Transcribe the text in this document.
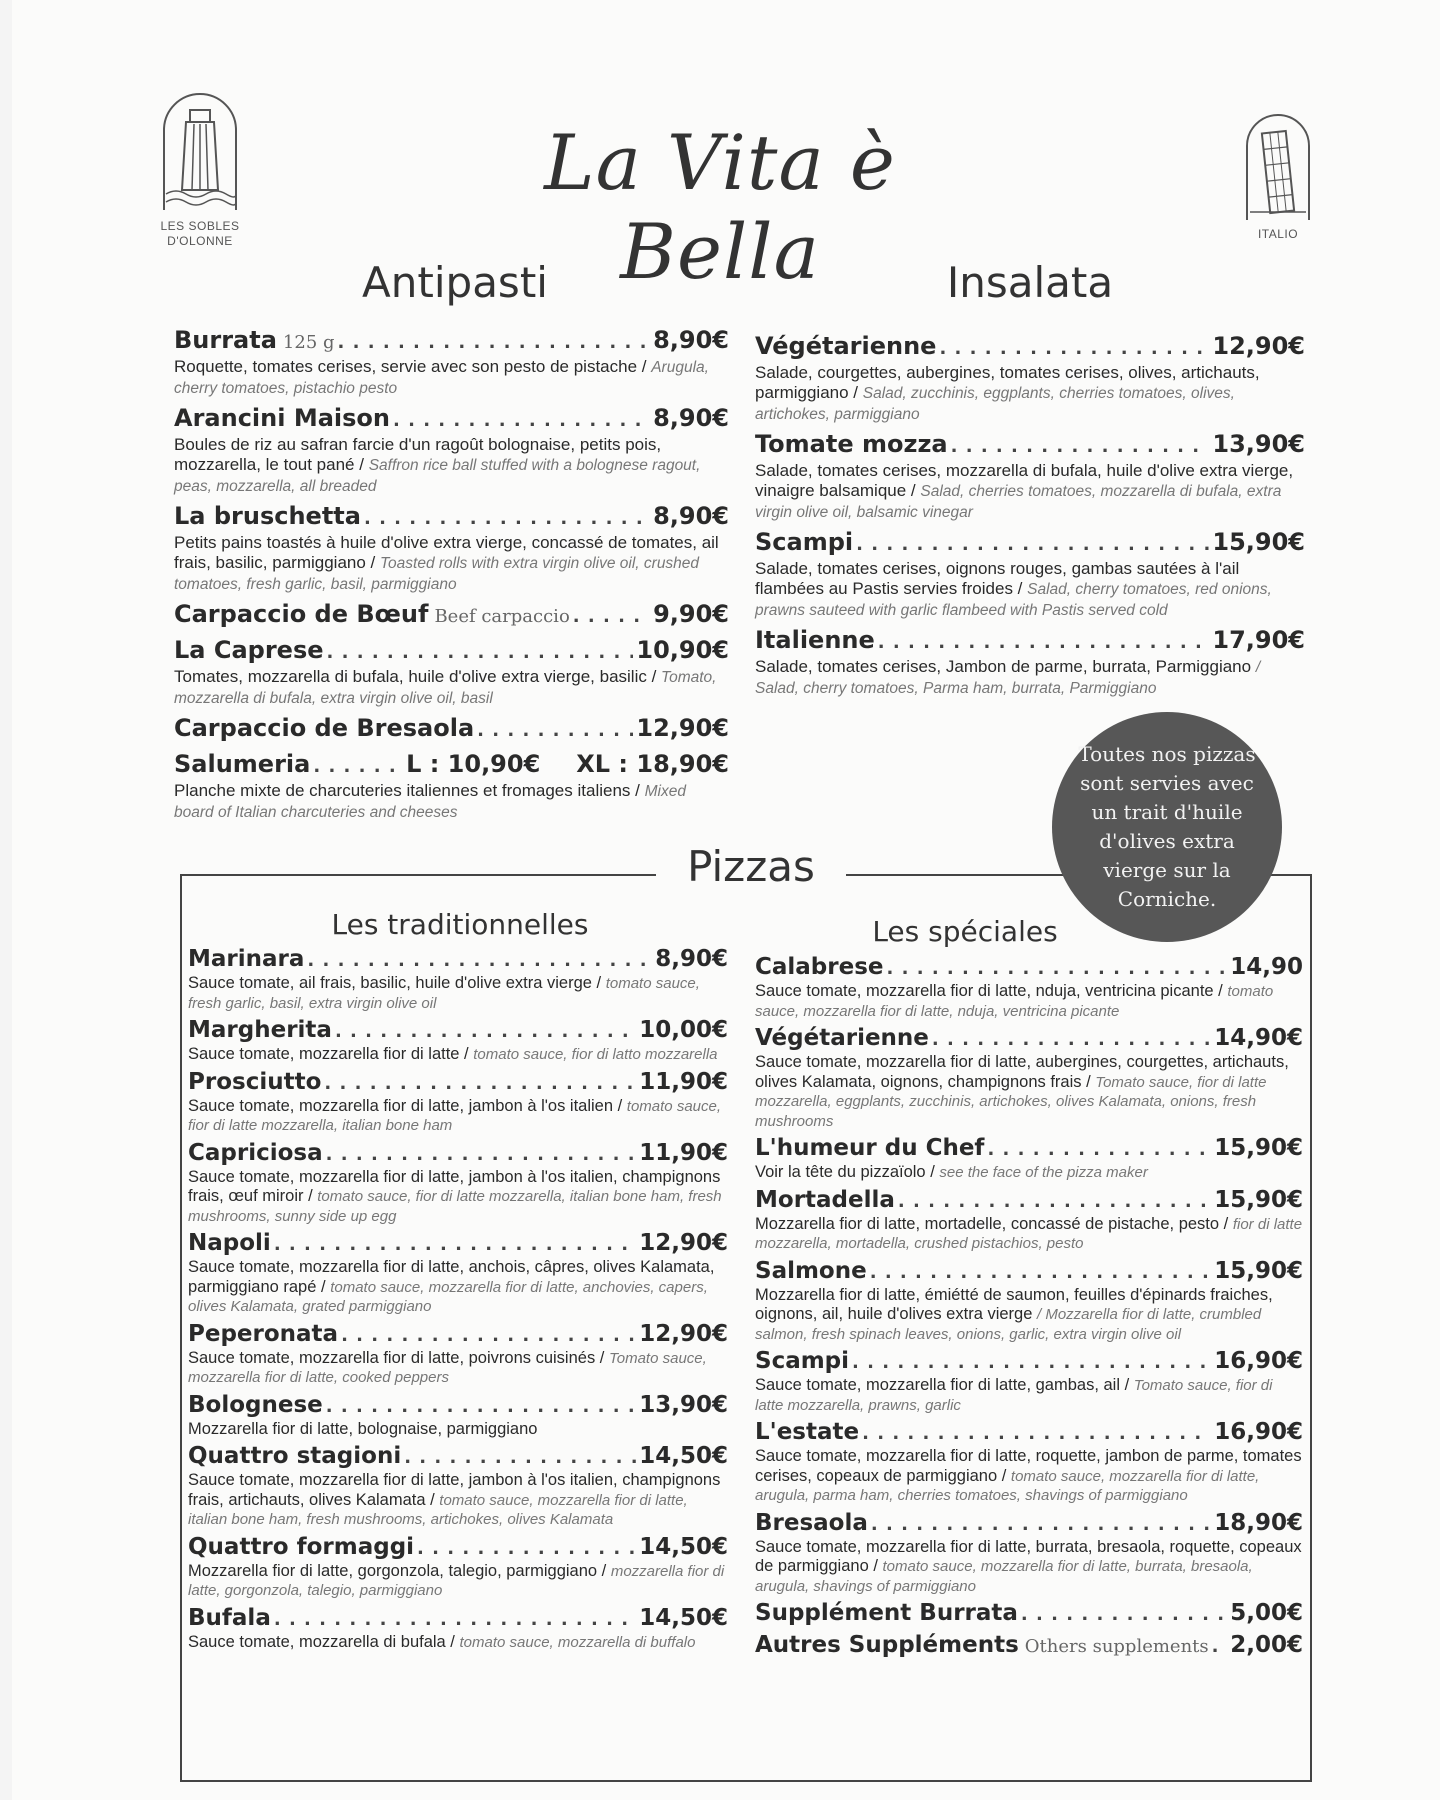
LES SOBLES
D'OLONNE	ITALIO
La Vita è Bella
Antipasti
Burrata 125 g . . .	8,90€
Roquette, tomates cerises, servie avec son pesto de pistache / Arugula, cherry tomatoes, pistachio pesto
Arancini Maison . . .	8,90€
Boules de riz au safran farcie d'un ragoût bolognaise, petits pois, mozzarella, le tout pané / Saffron rice ball stuffed with a bolognese ragout, peas, mozzarella, all breaded
La bruschetta . . .	8,90€
Petits pains toastés à huile d'olive extra vierge, concassé de tomates, ail frais, basilic, parmiggiano / Toasted rolls with extra virgin olive oil, crushed tomatoes, fresh garlic, basil, parmiggiano
Carpaccio de Bœuf Beef carpaccio . . .	9,90€
La Caprese . . .	10,90€
Tomates, mozzarella di bufala, huile d'olive extra vierge, basilic / Tomato, mozzarella di bufala, extra virgin olive oil, basil
Carpaccio de Bresaola . . .	12,90€
Salumeria . . .	L : 10,90€ XL : 18,90€
Planche mixte de charcuteries italiennes et fromages italiens / Mixed board of Italian charcuteries and cheeses
Insalata
Végétarienne . . .	12,90€
Salade, courgettes, aubergines, tomates cerises, olives, artichauts, parmiggiano / Salad, zucchinis, eggplants, cherries tomatoes, olives, artichokes, parmiggiano
Tomate mozza . . .	13,90€
Salade, tomates cerises, mozzarella di bufala, huile d'olive extra vierge, vinaigre balsamique / Salad, cherries tomatoes, mozzarella di bufala, extra virgin olive oil, balsamic vinegar
Scampi . . .	15,90€
Salade, tomates cerises, oignons rouges, gambas sautées à l'ail flambées au Pastis servies froides / Salad, cherry tomatoes, red onions, prawns sauteed with garlic flambeed with Pastis served cold
Italienne . . .	17,90€
Salade, tomates cerises, Jambon de parme, burrata, Parmiggiano / Salad, cherry tomatoes, Parma ham, burrata, Parmiggiano
Pizzas
Toutes nos pizzas sont servies avec un trait d'huile d'olives extra vierge sur la Corniche.
Les traditionnelles
Marinara . . .	8,90€
Sauce tomate, ail frais, basilic, huile d'olive extra vierge / tomato sauce, fresh garlic, basil, extra virgin olive oil
Margherita . . .	10,00€
Sauce tomate, mozzarella fior di latte / tomato sauce, fior di latto mozzarella
Prosciutto . . .	11,90€
Sauce tomate, mozzarella fior di latte, jambon à l'os italien / tomato sauce, fior di latte mozzarella, italian bone ham
Capriciosa . . .	11,90€
Sauce tomate, mozzarella fior di latte, jambon à l'os italien, champignons frais, œuf miroir / tomato sauce, fior di latte mozzarella, italian bone ham, fresh mushrooms, sunny side up egg
Napoli . . .	12,90€
Sauce tomate, mozzarella fior di latte, anchois, câpres, olives Kalamata, parmiggiano rapé / tomato sauce, mozzarella fior di latte, anchovies, capers, olives Kalamata, grated parmiggiano
Peperonata . . .	12,90€
Sauce tomate, mozzarella fior di latte, poivrons cuisinés / Tomato sauce, mozzarella fior di latte, cooked peppers
Bolognese . . .	13,90€
Mozzarella fior di latte, bolognaise, parmiggiano
Quattro stagioni . . .	14,50€
Sauce tomate, mozzarella fior di latte, jambon à l'os italien, champignons frais, artichauts, olives Kalamata / tomato sauce, mozzarella fior di latte, italian bone ham, fresh mushrooms, artichokes, olives Kalamata
Quattro formaggi . . .	14,50€
Mozzarella fior di latte, gorgonzola, talegio, parmiggiano / mozzarella fior di latte, gorgonzola, talegio, parmiggiano
Bufala . . .	14,50€
Sauce tomate, mozzarella di bufala / tomato sauce, mozzarella di buffalo
Les spéciales
Calabrese . . .	14,90
Sauce tomate, mozzarella fior di latte, nduja, ventricina picante / tomato sauce, mozzarella fior di latte, nduja, ventricina picante
Végétarienne . . .	14,90€
Sauce tomate, mozzarella fior di latte, aubergines, courgettes, artichauts, olives Kalamata, oignons, champignons frais / Tomato sauce, fior di latte mozzarella, eggplants, zucchinis, artichokes, olives Kalamata, onions, fresh mushrooms
L'humeur du Chef . . .	15,90€
Voir la tête du pizzaïolo / see the face of the pizza maker
Mortadella . . .	15,90€
Mozzarella fior di latte, mortadelle, concassé de pistache, pesto / fior di latte mozzarella, mortadella, crushed pistachios, pesto
Salmone . . .	15,90€
Mozzarella fior di latte, émiétté de saumon, feuilles d'épinards fraiches, oignons, ail, huile d'olives extra vierge / Mozzarella fior di latte, crumbled salmon, fresh spinach leaves, onions, garlic, extra virgin olive oil
Scampi . . .	16,90€
Sauce tomate, mozzarella fior di latte, gambas, ail / Tomato sauce, fior di latte mozzarella, prawns, garlic
L'estate . . .	16,90€
Sauce tomate, mozzarella fior di latte, roquette, jambon de parme, tomates cerises, copeaux de parmiggiano / tomato sauce, mozzarella fior di latte, arugula, parma ham, cherries tomatoes, shavings of parmiggiano
Bresaola . . .	18,90€
Sauce tomate, mozzarella fior di latte, burrata, bresaola, roquette, copeaux de parmiggiano / tomato sauce, mozzarella fior di latte, burrata, bresaola, arugula, shavings of parmiggiano
Supplément Burrata . . .	5,00€
Autres Suppléments Others supplements . . . 2,00€
